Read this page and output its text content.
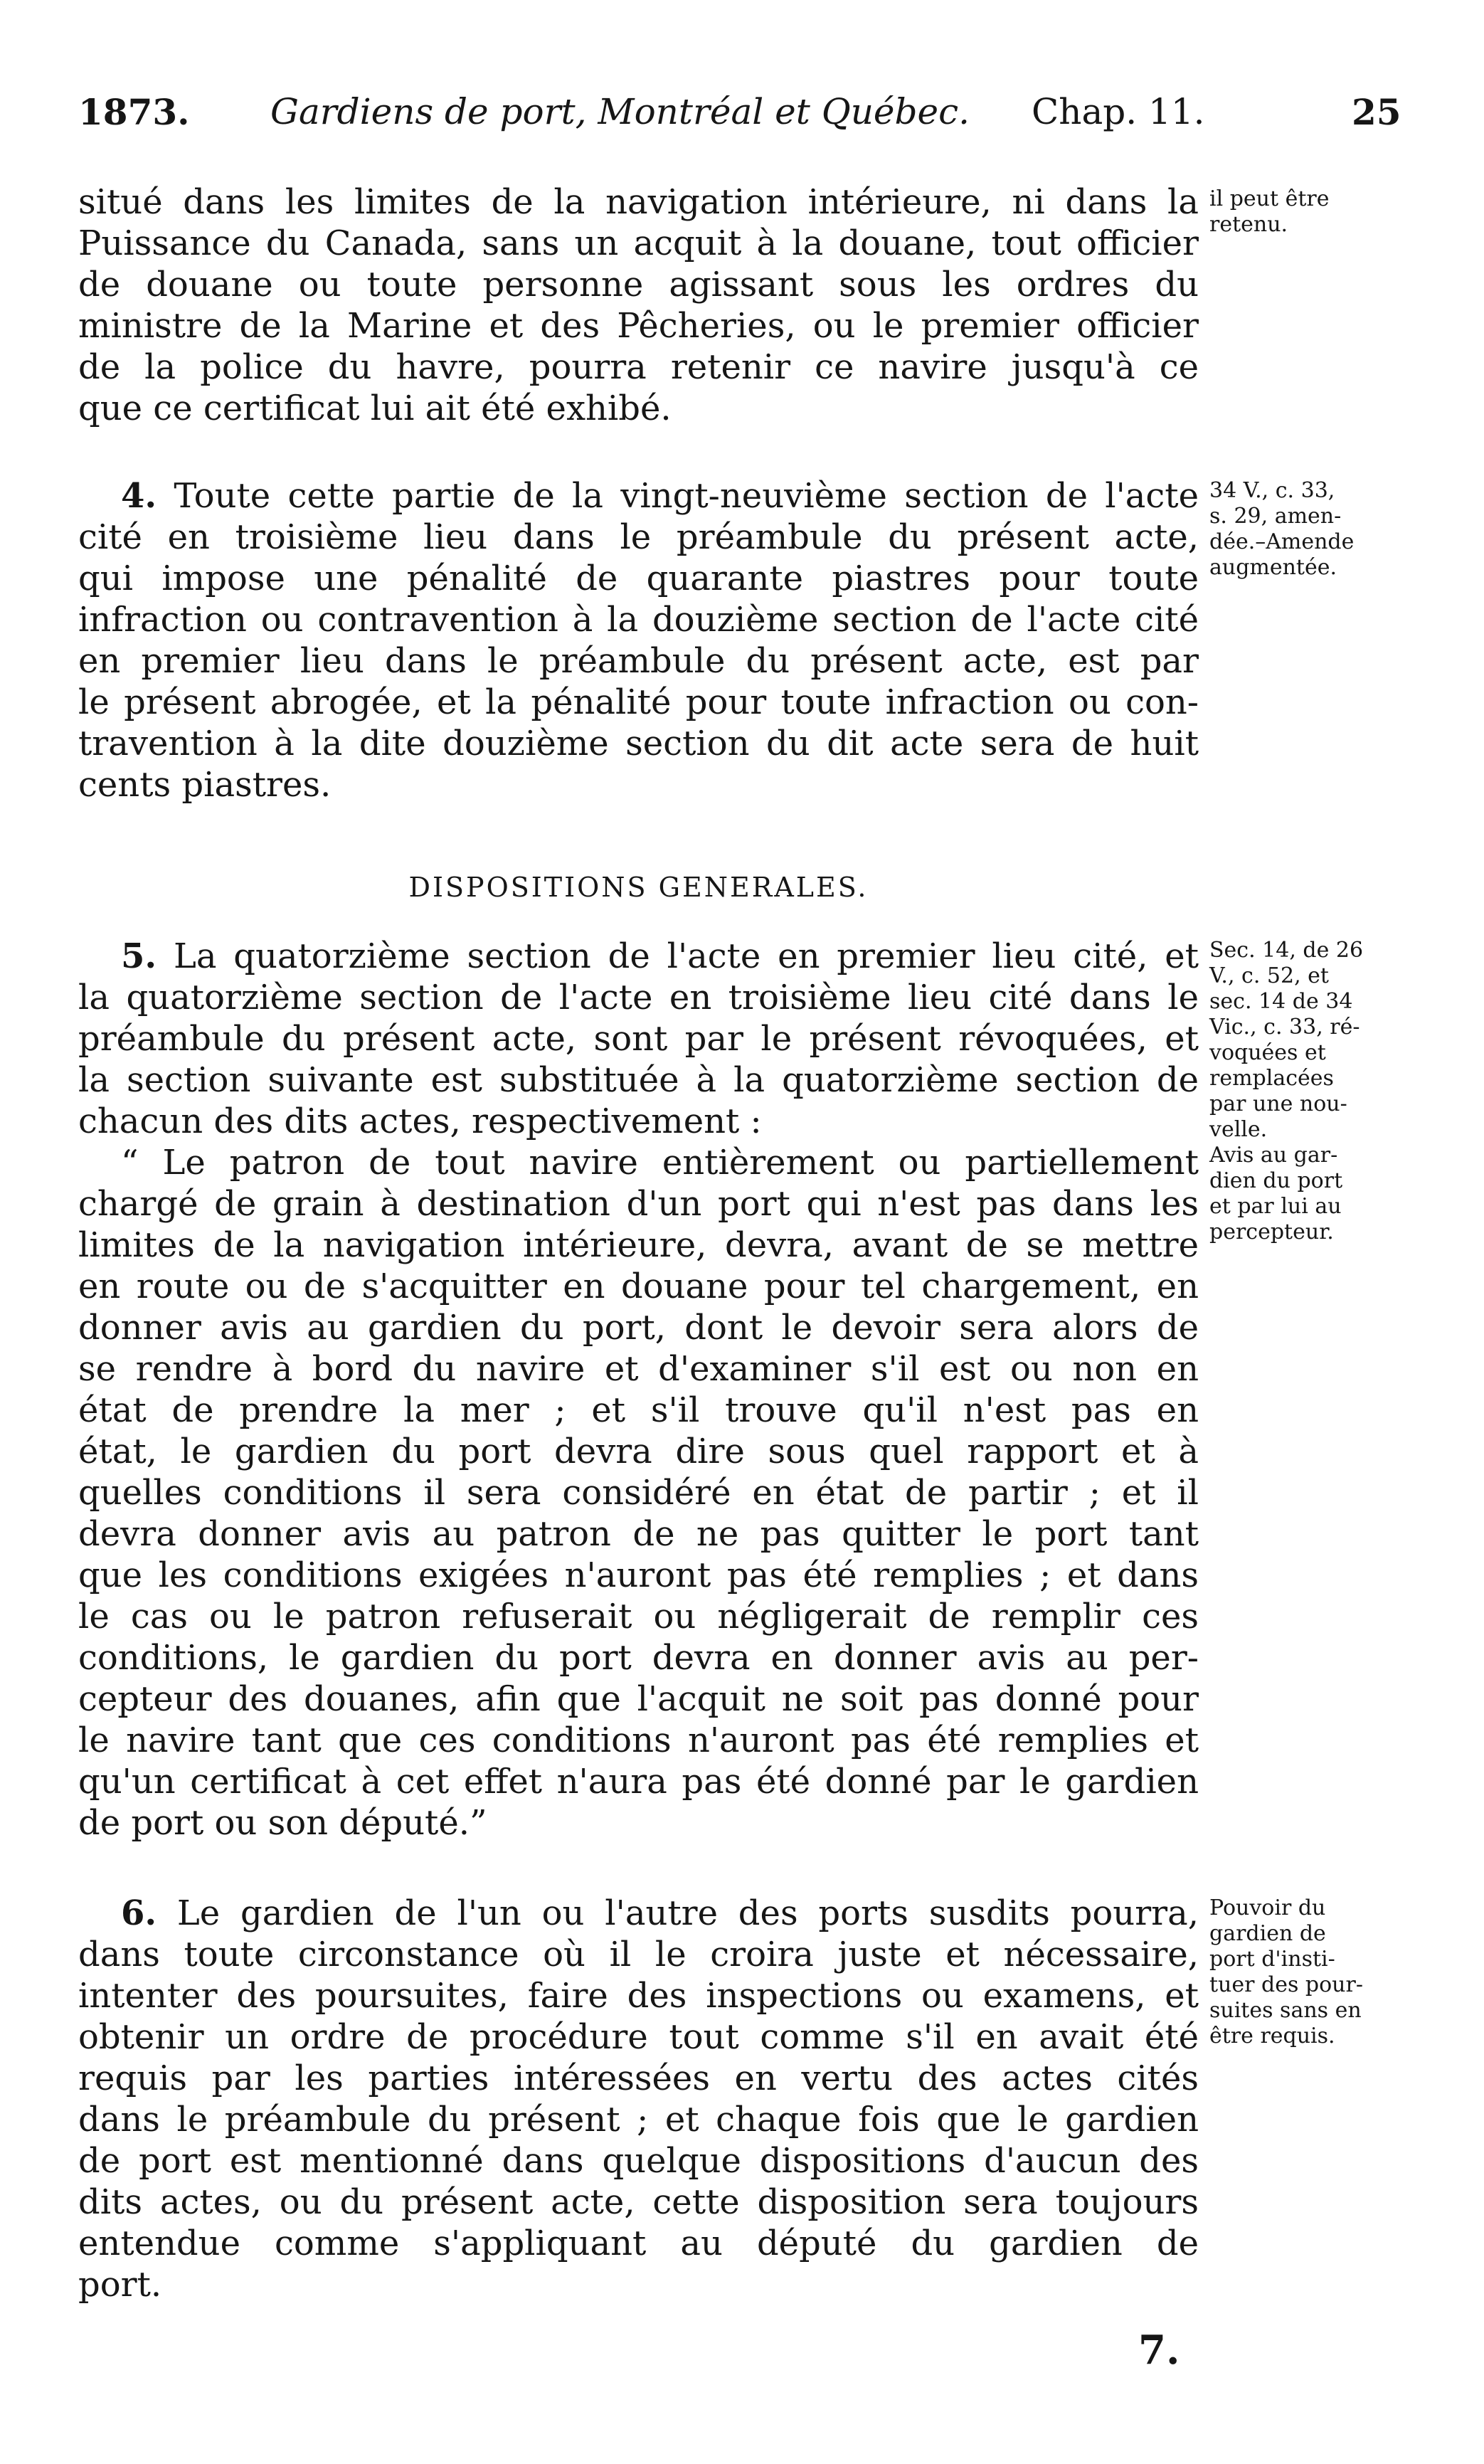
1873. Gardiens de port, Montréal et Québec. Chap. 11.	25
situé dans les limites de la navigation intérieure, ni dans la
Puissance du Canada, sans un acquit à la douane, tout officier
de douane ou toute personne agissant sous les ordres du
ministre de la Marine et des Pêcheries, ou le premier officier
de la police du havre, pourra retenir ce navire jusqu'à ce
que ce certificat lui ait été exhibé.
il peut être
retenu.
4. Toute cette partie de la vingt-neuvième section de l'acte
cité en troisième lieu dans le préambule du présent acte,
qui impose une pénalité de quarante piastres pour toute
infraction ou contravention à la douzième section de l'acte cité
en premier lieu dans le préambule du présent acte, est par
le présent abrogée, et la pénalité pour toute infraction ou con-
travention à la dite douzième section du dit acte sera de huit
cents piastres.
34 V., c. 33,
s. 29, amen-
dée.–Amende
augmentée.
DISPOSITIONS GENERALES.
5. La quatorzième section de l'acte en premier lieu cité, et
la quatorzième section de l'acte en troisième lieu cité dans le
préambule du présent acte, sont par le présent révoquées, et
la section suivante est substituée à la quatorzième section de
chacun des dits actes, respectivement :
“ Le patron de tout navire entièrement ou partiellement
chargé de grain à destination d'un port qui n'est pas dans les
limites de la navigation intérieure, devra, avant de se mettre
en route ou de s'acquitter en douane pour tel chargement, en
donner avis au gardien du port, dont le devoir sera alors de
se rendre à bord du navire et d'examiner s'il est ou non en
état de prendre la mer ; et s'il trouve qu'il n'est pas en
état, le gardien du port devra dire sous quel rapport et à
quelles conditions il sera considéré en état de partir ; et il
devra donner avis au patron de ne pas quitter le port tant
que les conditions exigées n'auront pas été remplies ; et dans
le cas ou le patron refuserait ou négligerait de remplir ces
conditions, le gardien du port devra en donner avis au per-
cepteur des douanes, afin que l'acquit ne soit pas donné pour
le navire tant que ces conditions n'auront pas été remplies et
qu'un certificat à cet effet n'aura pas été donné par le gardien
de port ou son député.”
Sec. 14, de 26
V., c. 52, et
sec. 14 de 34
Vic., c. 33, ré-
voquées et
remplacées
par une nou-
velle.
Avis au gar-
dien du port
et par lui au
percepteur.
6. Le gardien de l'un ou l'autre des ports susdits pourra,
dans toute circonstance où il le croira juste et nécessaire,
intenter des poursuites, faire des inspections ou examens, et
obtenir un ordre de procédure tout comme s'il en avait été
requis par les parties intéressées en vertu des actes cités
dans le préambule du présent ; et chaque fois que le gardien
de port est mentionné dans quelque dispositions d'aucun des
dits actes, ou du présent acte, cette disposition sera toujours
entendue comme s'appliquant au député du gardien de
port.
Pouvoir du
gardien de
port d'insti-
tuer des pour-
suites sans en
être requis.
7.
